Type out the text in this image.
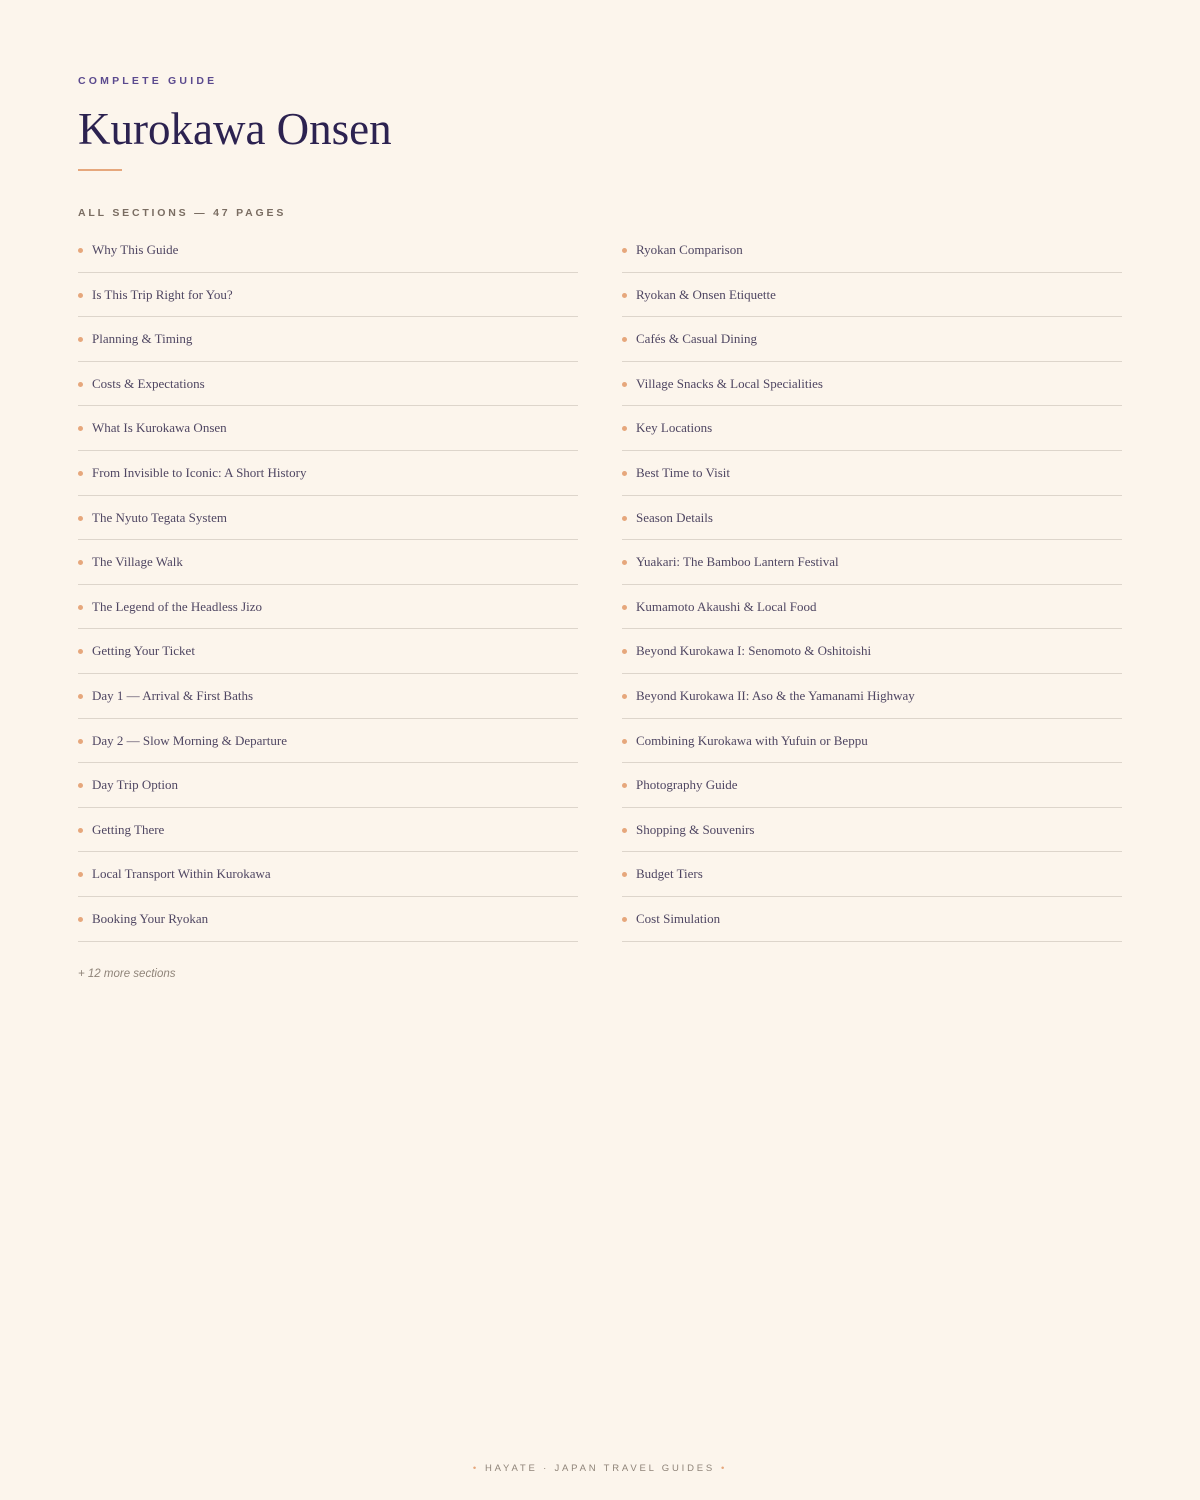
COMPLETE GUIDE
Kurokawa Onsen
ALL SECTIONS — 47 PAGES
Why This Guide
Is This Trip Right for You?
Planning & Timing
Costs & Expectations
What Is Kurokawa Onsen
From Invisible to Iconic: A Short History
The Nyuto Tegata System
The Village Walk
The Legend of the Headless Jizo
Getting Your Ticket
Day 1 — Arrival & First Baths
Day 2 — Slow Morning & Departure
Day Trip Option
Getting There
Local Transport Within Kurokawa
Booking Your Ryokan
Ryokan Comparison
Ryokan & Onsen Etiquette
Cafés & Casual Dining
Village Snacks & Local Specialities
Key Locations
Best Time to Visit
Season Details
Yuakari: The Bamboo Lantern Festival
Kumamoto Akaushi & Local Food
Beyond Kurokawa I: Senomoto & Oshitoishi
Beyond Kurokawa II: Aso & the Yamanami Highway
Combining Kurokawa with Yufuin or Beppu
Photography Guide
Shopping & Souvenirs
Budget Tiers
Cost Simulation
+ 12 more sections
• HAYATE · JAPAN TRAVEL GUIDES •
